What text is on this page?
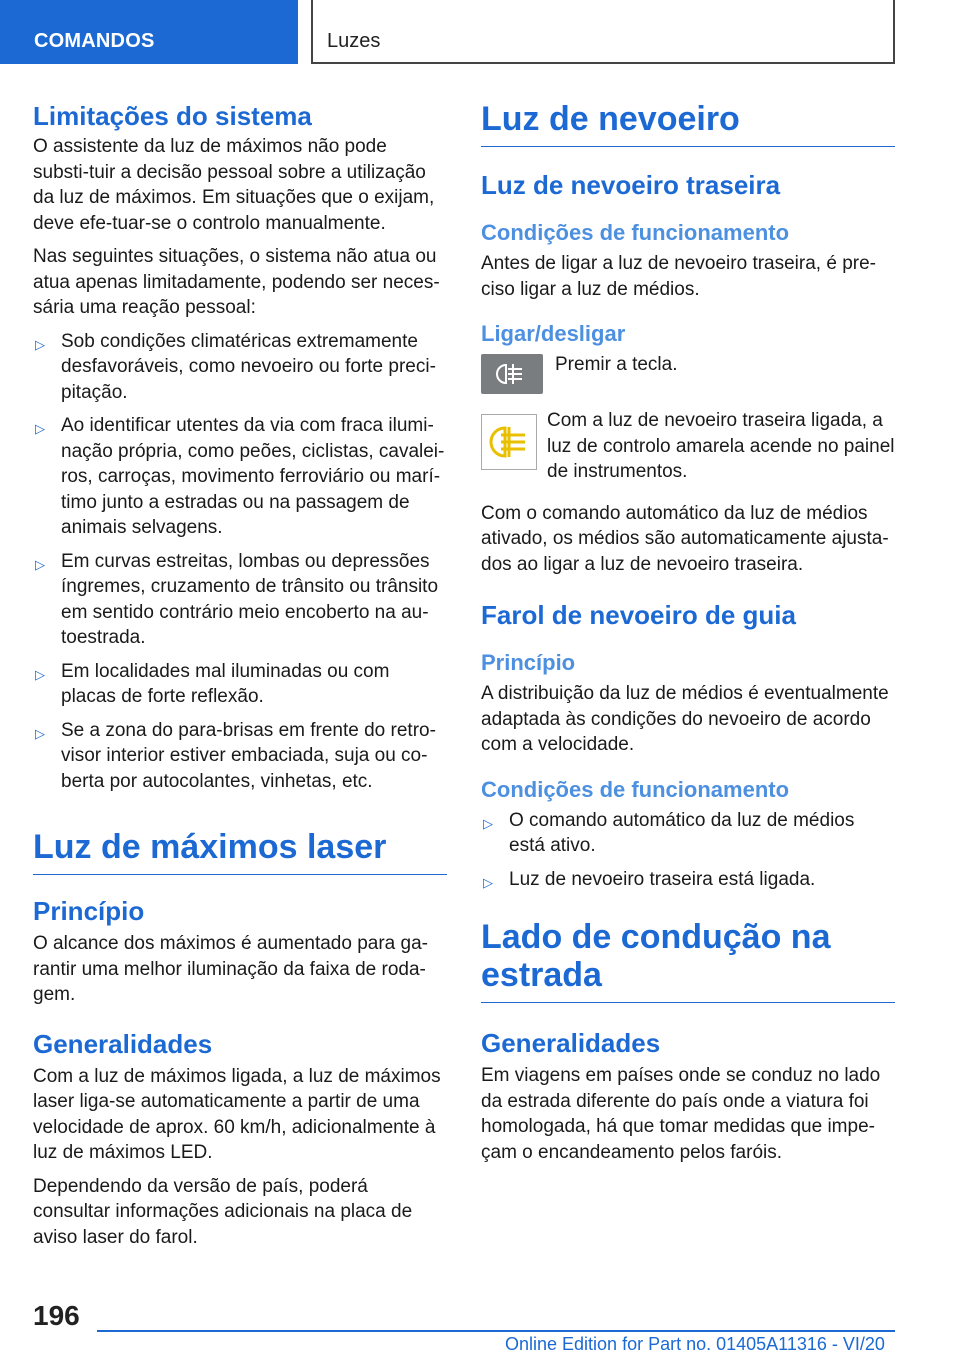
COMANDOS	Luzes
Limitações do sistema

O assistente da luz de máximos não pode substi-tuir a decisão pessoal sobre a utilização da luz de máximos. Em situações que o exijam, deve efe-tuar-se o controlo manualmente.

Nas seguintes situações, o sistema não atua ou atua apenas limitadamente, podendo ser neces-sária uma reação pessoal:

▷ Sob condições climatéricas extremamente desfavoráveis, como nevoeiro ou forte preci-pitação.
▷ Ao identificar utentes da via com fraca ilumi-nação própria, como peões, ciclistas, cavalei-ros, carroças, movimento ferroviário ou marí-timo junto a estradas ou na passagem de animais selvagens.
▷ Em curvas estreitas, lombas ou depressões íngremes, cruzamento de trânsito ou trânsito em sentido contrário meio encoberto na au-toestrada.
▷ Em localidades mal iluminadas ou com placas de forte reflexão.
▷ Se a zona do para-brisas em frente do retro-visor interior estiver embaciada, suja ou co-berta por autocolantes, vinhetas, etc.
Luz de máximos laser
Princípio

O alcance dos máximos é aumentado para ga-rantir uma melhor iluminação da faixa de roda-gem.

Generalidades

Com a luz de máximos ligada, a luz de máximos laser liga-se automaticamente a partir de uma velocidade de aprox. 60 km/h, adicionalmente à luz de máximos LED.

Dependendo da versão de país, poderá consultar informações adicionais na placa de aviso laser do farol.

Luz de nevoeiro
Luz de nevoeiro traseira
Condições de funcionamento

Antes de ligar a luz de nevoeiro traseira, é pre-ciso ligar a luz de médios.

Ligar/desligar

Premir a tecla.

Com a luz de nevoeiro traseira ligada, a luz de controlo amarela acende no painel de instrumentos.

Com o comando automático da luz de médios ativado, os médios são automaticamente ajusta-dos ao ligar a luz de nevoeiro traseira.

Farol de nevoeiro de guia
Princípio

A distribuição da luz de médios é eventualmente adaptada às condições do nevoeiro de acordo com a velocidade.

Condições de funcionamento
▷ O comando automático da luz de médios está ativo.
▷ Luz de nevoeiro traseira está ligada.
Lado de condução na estrada
Generalidades

Em viagens em países onde se conduz no lado da estrada diferente do país onde a viatura foi homologada, há que tomar medidas que impe-çam o encandeamento pelos faróis.

196
Online Edition for Part no. 01405A11316 - VI/20
